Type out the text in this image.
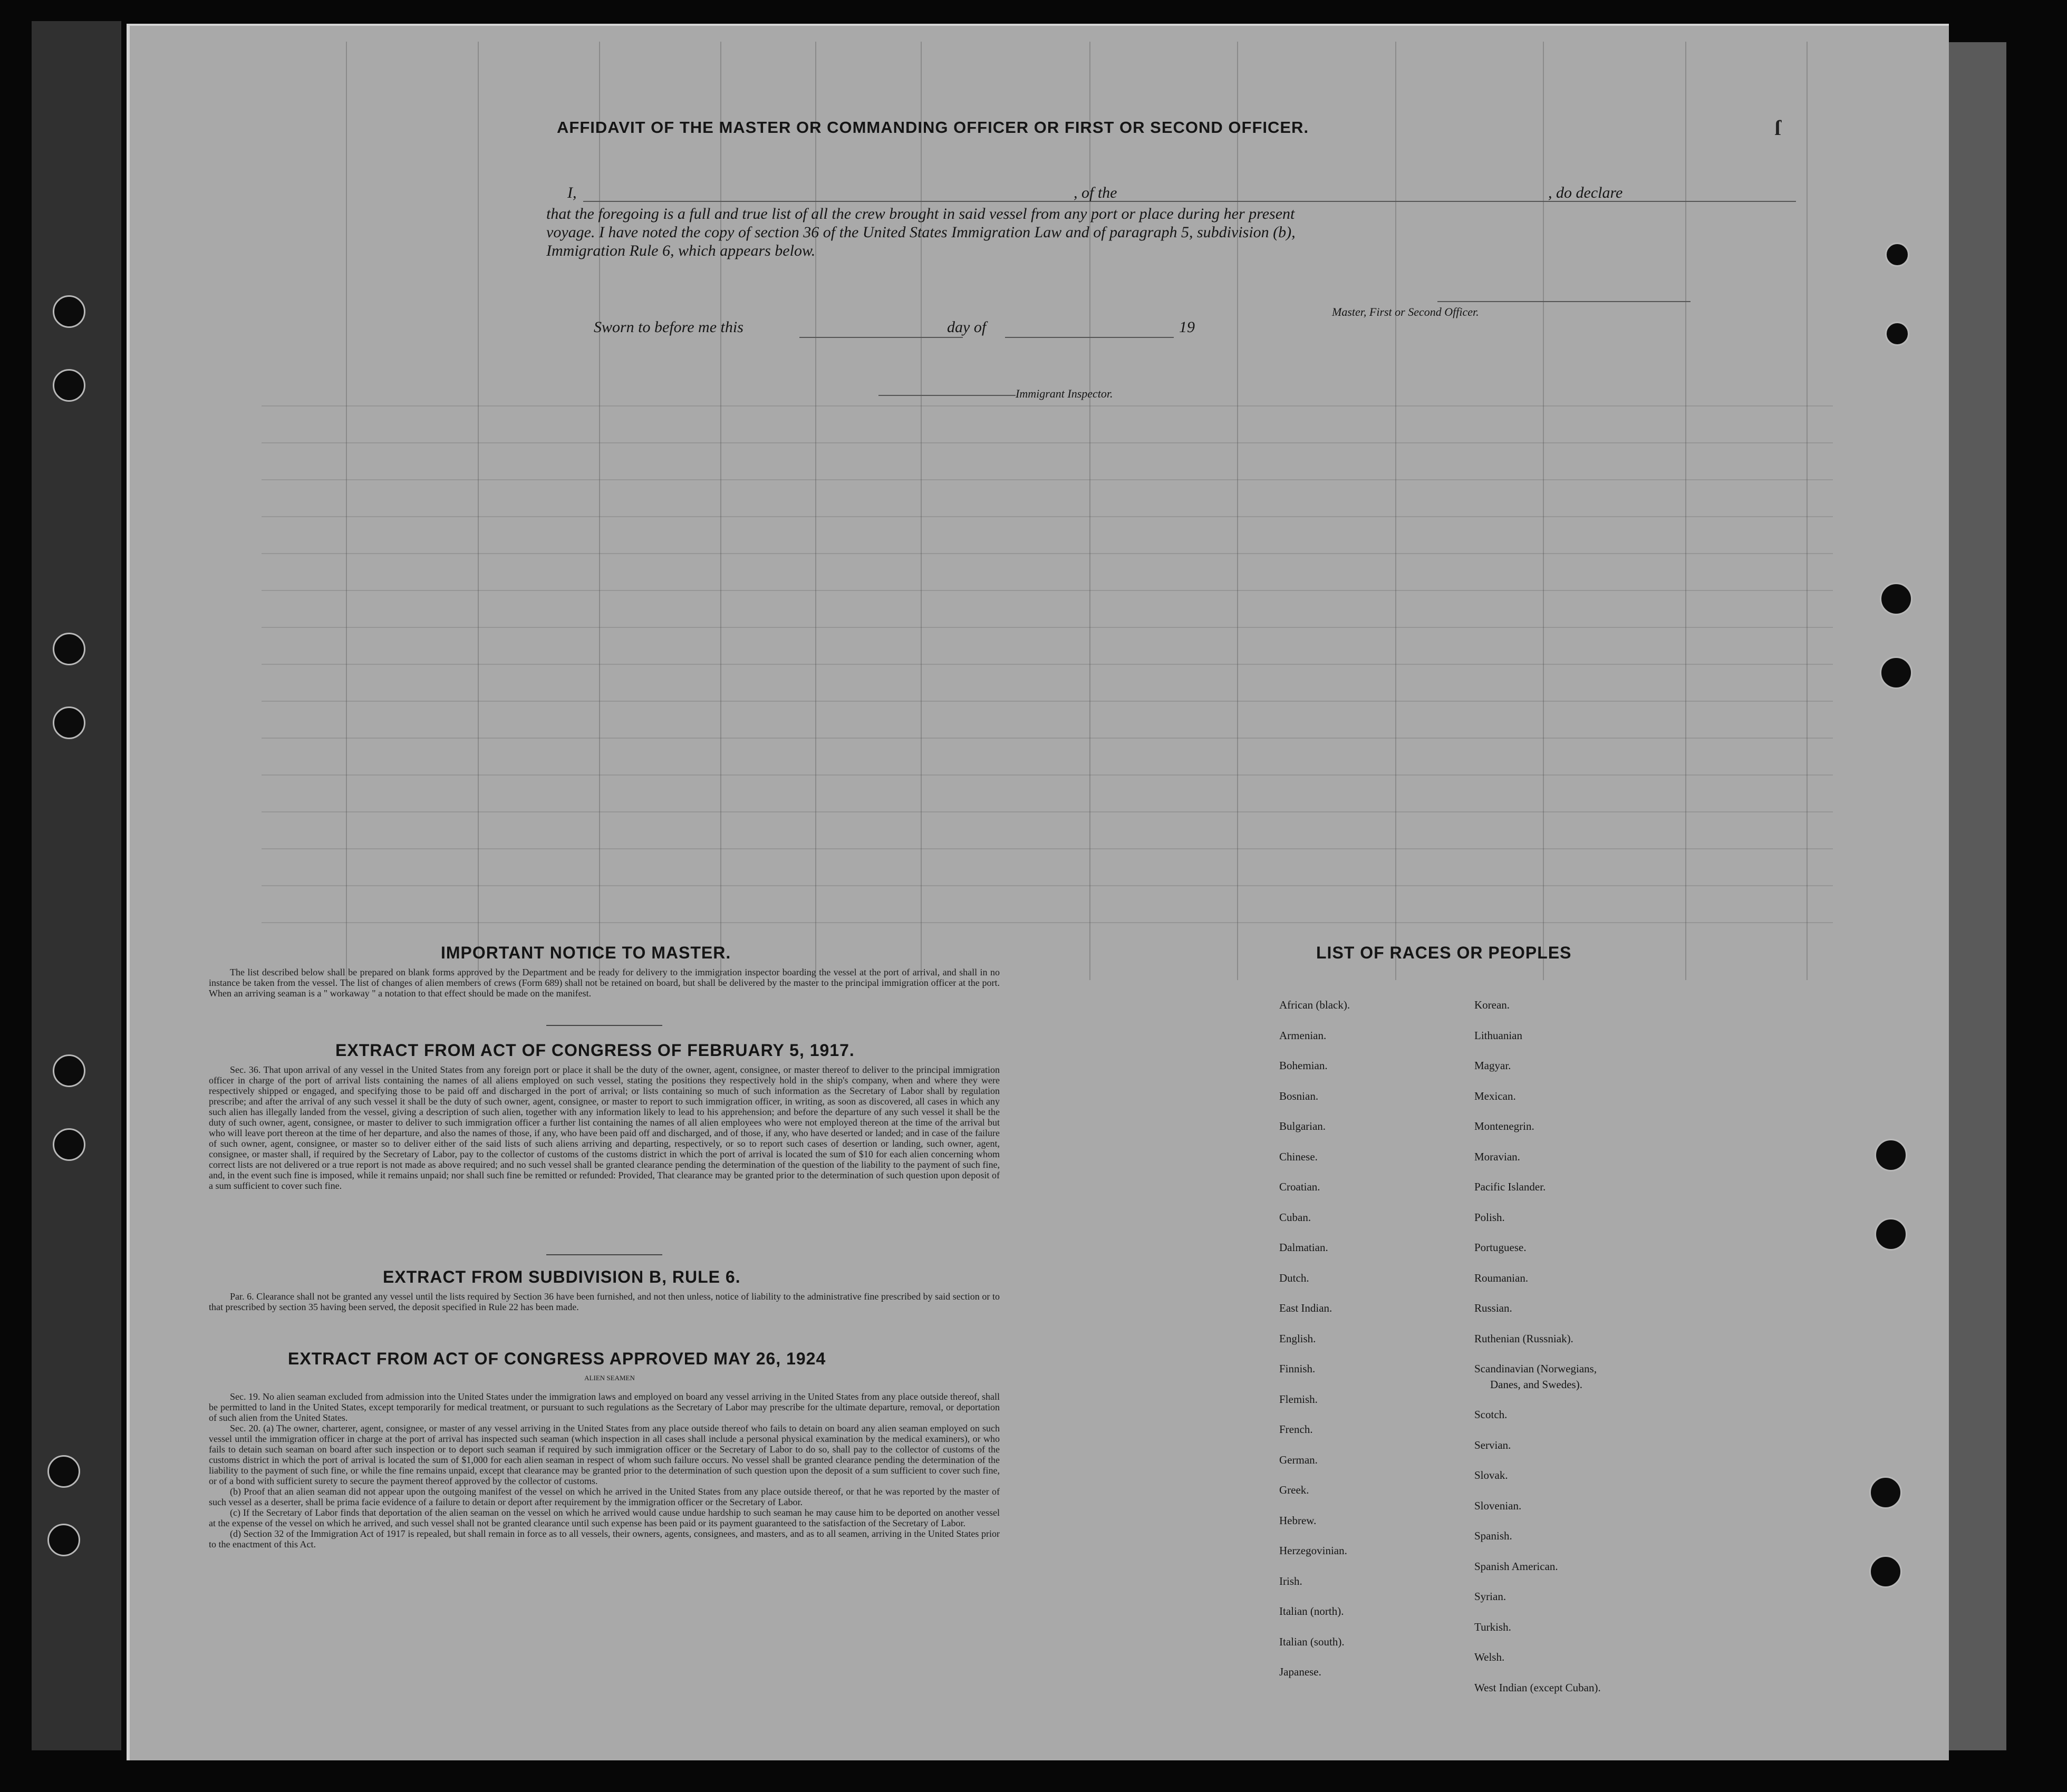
ſ
AFFIDAVIT OF THE MASTER OR COMMANDING OFFICER OR FIRST OR SECOND OFFICER.
I,	, of the	, do declare
that the foregoing is a full and true list of all the crew brought in said vessel from any port or place during her present
voyage. I have noted the copy of section 36 of the United States Immigration Law and of paragraph 5, subdivision (b),
Immigration Rule 6, which appears below.
Master, First or Second Officer.
Sworn to before me this	day of	19
Immigrant Inspector.
IMPORTANT NOTICE TO MASTER.

The list described below shall be prepared on blank forms approved by the Department and be ready for delivery to the immigration inspector boarding the vessel at the port of arrival, and shall in no instance be taken from the vessel. The list of changes of alien members of crews (Form 689) shall not be retained on board, but shall be delivered by the master to the principal immigration officer at the port. When an arriving seaman is a " workaway " a notation to that effect should be made on the manifest.

EXTRACT FROM ACT OF CONGRESS OF FEBRUARY 5, 1917.

Sec. 36. That upon arrival of any vessel in the United States from any foreign port or place it shall be the duty of the owner, agent, consignee, or master thereof to deliver to the principal immigration officer in charge of the port of arrival lists containing the names of all aliens employed on such vessel, stating the positions they respectively hold in the ship's company, when and where they were respectively shipped or engaged, and specifying those to be paid off and discharged in the port of arrival; or lists containing so much of such information as the Secretary of Labor shall by regulation prescribe; and after the arrival of any such vessel it shall be the duty of such owner, agent, consignee, or master to report to such immigration officer, in writing, as soon as discovered, all cases in which any such alien has illegally landed from the vessel, giving a description of such alien, together with any information likely to lead to his apprehension; and before the departure of any such vessel it shall be the duty of such owner, agent, consignee, or master to deliver to such immigration officer a further list containing the names of all alien employees who were not employed thereon at the time of the arrival but who will leave port thereon at the time of her departure, and also the names of those, if any, who have been paid off and discharged, and of those, if any, who have deserted or landed; and in case of the failure of such owner, agent, consignee, or master so to deliver either of the said lists of such aliens arriving and departing, respectively, or so to report such cases of desertion or landing, such owner, agent, consignee, or master shall, if required by the Secretary of Labor, pay to the collector of customs of the customs district in which the port of arrival is located the sum of $10 for each alien concerning whom correct lists are not delivered or a true report is not made as above required; and no such vessel shall be granted clearance pending the determination of the question of the liability to the payment of such fine, and, in the event such fine is imposed, while it remains unpaid; nor shall such fine be remitted or refunded: Provided, That clearance may be granted prior to the determination of such question upon deposit of a sum sufficient to cover such fine.

EXTRACT FROM SUBDIVISION B, RULE 6.

Par. 6. Clearance shall not be granted any vessel until the lists required by Section 36 have been furnished, and not then unless, notice of liability to the administrative fine prescribed by said section or to that prescribed by section 35 having been served, the deposit specified in Rule 22 has been made.

EXTRACT FROM ACT OF CONGRESS APPROVED MAY 26, 1924
ALIEN SEAMEN

Sec. 19. No alien seaman excluded from admission into the United States under the immigration laws and employed on board any vessel arriving in the United States from any place outside thereof, shall be permitted to land in the United States, except temporarily for medical treatment, or pursuant to such regulations as the Secretary of Labor may prescribe for the ultimate departure, removal, or deportation of such alien from the United States.

Sec. 20. (a) The owner, charterer, agent, consignee, or master of any vessel arriving in the United States from any place outside thereof who fails to detain on board any alien seaman employed on such vessel until the immigration officer in charge at the port of arrival has inspected such seaman (which inspection in all cases shall include a personal physical examination by the medical examiners), or who fails to detain such seaman on board after such inspection or to deport such seaman if required by such immigration officer or the Secretary of Labor to do so, shall pay to the collector of customs of the customs district in which the port of arrival is located the sum of $1,000 for each alien seaman in respect of whom such failure occurs. No vessel shall be granted clearance pending the determination of the liability to the payment of such fine, or while the fine remains unpaid, except that clearance may be granted prior to the determination of such question upon the deposit of a sum sufficient to cover such fine, or of a bond with sufficient surety to secure the payment thereof approved by the collector of customs.

(b) Proof that an alien seaman did not appear upon the outgoing manifest of the vessel on which he arrived in the United States from any place outside thereof, or that he was reported by the master of such vessel as a deserter, shall be prima facie evidence of a failure to detain or deport after requirement by the immigration officer or the Secretary of Labor.

(c) If the Secretary of Labor finds that deportation of the alien seaman on the vessel on which he arrived would cause undue hardship to such seaman he may cause him to be deported on another vessel at the expense of the vessel on which he arrived, and such vessel shall not be granted clearance until such expense has been paid or its payment guaranteed to the satisfaction of the Secretary of Labor.

(d) Section 32 of the Immigration Act of 1917 is repealed, but shall remain in force as to all vessels, their owners, agents, consignees, and masters, and as to all seamen, arriving in the United States prior to the enactment of this Act.

LIST OF RACES OR PEOPLES
African (black).
Armenian.
Bohemian.
Bosnian.
Bulgarian.
Chinese.
Croatian.
Cuban.
Dalmatian.
Dutch.
East Indian.
English.
Finnish.
Flemish.
French.
German.
Greek.
Hebrew.
Herzegovinian.
Irish.
Italian (north).
Italian (south).
Japanese.
Korean.
Lithuanian
Magyar.
Mexican.
Montenegrin.
Moravian.
Pacific Islander.
Polish.
Portuguese.
Roumanian.
Russian.
Ruthenian (Russniak).
Scandinavian (Norwegians,
Danes, and Swedes).
Scotch.
Servian.
Slovak.
Slovenian.
Spanish.
Spanish American.
Syrian.
Turkish.
Welsh.
West Indian (except Cuban).
